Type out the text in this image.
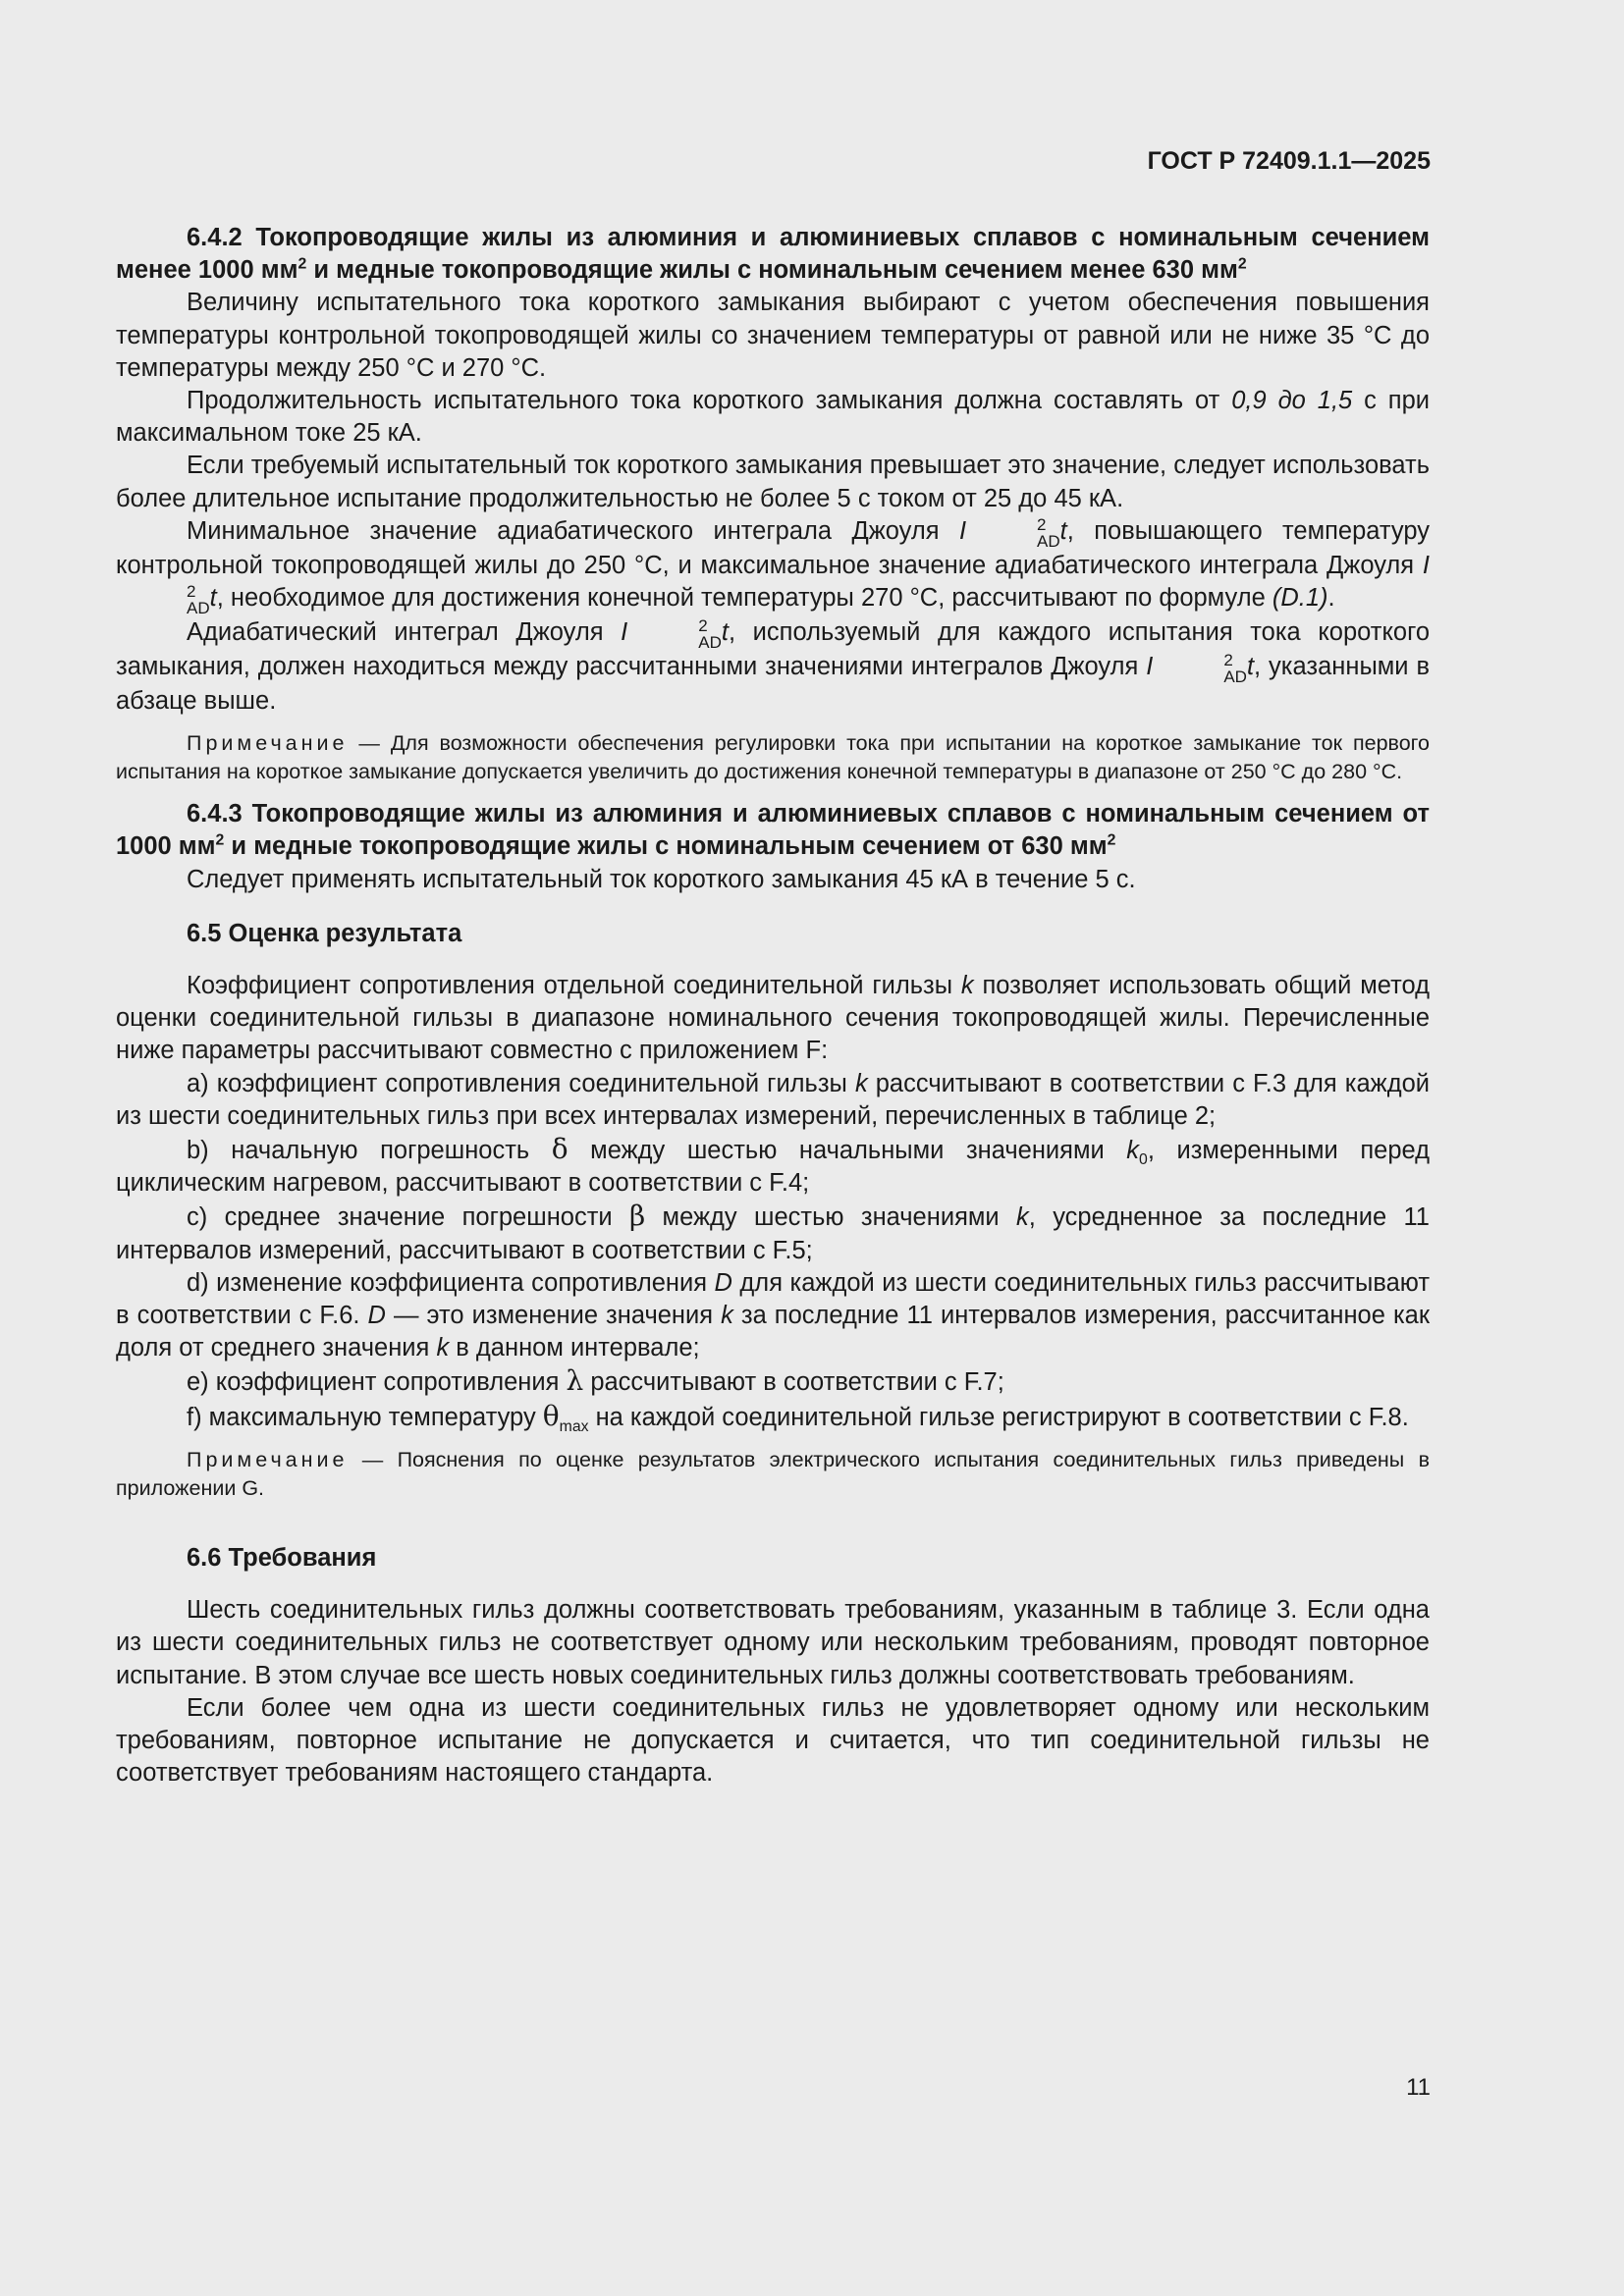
ГОСТ Р 72409.1.1—2025

6.4.2 Токопроводящие жилы из алюминия и алюминиевых сплавов с номинальным сечением менее 1000 $мм^2$ и медные токопроводящие жилы с номинальным сечением менее 630 $мм^2$

Величину испытательного тока короткого замыкания выбирают с учетом обеспечения повышения температуры контрольной токопроводящей жилы со значением температуры от равной или не ниже 35 °C до температуры между 250 °C и 270 °C.

Продолжительность испытательного тока короткого замыкания должна составлять от 0,9 до 1,5 с при максимальном токе 25 кА.

Если требуемый испытательный ток короткого замыкания превышает это значение, следует использовать более длительное испытание продолжительностью не более 5 с током от 25 до 45 кА.

Минимальное значение адиабатического интеграла Джоуля I	2
AD t, повышающего температуру контрольной токопроводящей жилы до 250 °C, и максимальное значение адиабатического интеграла Джоуля I
2
AD t, необходимое для достижения конечной температуры 270 °C, рассчитывают по формуле (D.1).

Адиабатический интеграл Джоуля I	2
AD t, используемый для каждого испытания тока короткого замыкания, должен находиться между рассчитанными значениями интегралов Джоуля I	2
AD t, указанными в абзаце выше.

Примечание — Для возможности обеспечения регулировки тока при испытании на короткое замыкание ток первого испытания на короткое замыкание допускается увеличить до достижения конечной температуры в диапазоне от 250 °C до 280 °C.

6.4.3 Токопроводящие жилы из алюминия и алюминиевых сплавов с номинальным сечением от 1000 $мм^2$ и медные токопроводящие жилы с номинальным сечением от 630 $мм^2$

Следует применять испытательный ток короткого замыкания 45 кА в течение 5 с.

6.5 Оценка результата

Коэффициент сопротивления отдельной соединительной гильзы k позволяет использовать общий метод оценки соединительной гильзы в диапазоне номинального сечения токопроводящей жилы. Перечисленные ниже параметры рассчитывают совместно с приложением F:

a) коэффициент сопротивления соединительной гильзы k рассчитывают в соответствии с F.3 для каждой из шести соединительных гильз при всех интервалах измерений, перечисленных в таблице 2;

b) начальную погрешность δ между шестью начальными значениями $k_0$, измеренными перед циклическим нагревом, рассчитывают в соответствии с F.4;

c) среднее значение погрешности β между шестью значениями k, усредненное за последние 11 интервалов измерений, рассчитывают в соответствии с F.5;

d) изменение коэффициента сопротивления D для каждой из шести соединительных гильз рассчитывают в соответствии с F.6. D — это изменение значения k за последние 11 интервалов измерения, рассчитанное как доля от среднего значения k в данном интервале;

e) коэффициент сопротивления λ рассчитывают в соответствии с F.7;

f) максимальную температуру $\theta_{max}$ на каждой соединительной гильзе регистрируют в соответствии с F.8.

Примечание — Пояснения по оценке результатов электрического испытания соединительных гильз приведены в приложении G.

6.6 Требования

Шесть соединительных гильз должны соответствовать требованиям, указанным в таблице 3. Если одна из шести соединительных гильз не соответствует одному или нескольким требованиям, проводят повторное испытание. В этом случае все шесть новых соединительных гильз должны соответствовать требованиям.

Если более чем одна из шести соединительных гильз не удовлетворяет одному или нескольким требованиям, повторное испытание не допускается и считается, что тип соединительной гильзы не соответствует требованиям настоящего стандарта.

11
